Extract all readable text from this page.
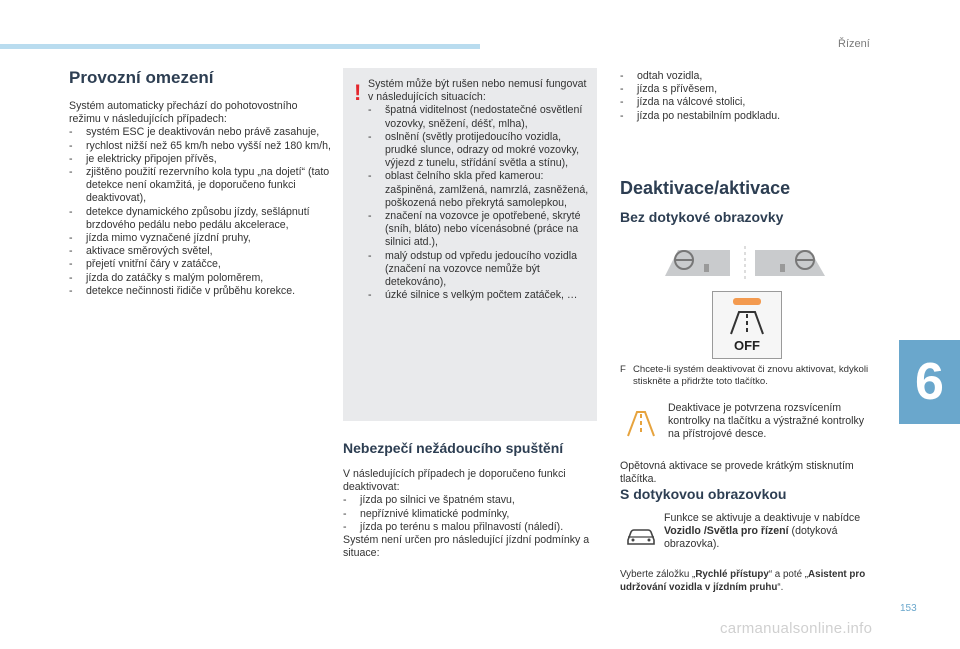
Řízení
6
153
carmanualsonline.info
Provozní omezení
Systém automaticky přechází do pohotovostního režimu v následujících případech:
- systém ESC je deaktivován nebo právě zasahuje,
- rychlost nižší než 65 km/h nebo vyšší než 180 km/h,
- je elektricky připojen přívěs,
- zjištěno použití rezervního kola typu „na dojetí“ (tato detekce není okamžitá, je doporučeno funkci deaktivovat),
- detekce dynamického způsobu jízdy, sešlápnutí brzdového pedálu nebo pedálu akcelerace,
- jízda mimo vyznačené jízdní pruhy,
- aktivace směrových světel,
- přejetí vnitřní čáry v zatáčce,
- jízda do zatáčky s malým poloměrem,
- detekce nečinnosti řidiče v průběhu korekce.
! Systém může být rušen nebo nemusí fungovat v následujících situacích:
- špatná viditelnost (nedostatečné osvětlení vozovky, sněžení, déšť, mlha),
- oslnění (světly protijedoucího vozidla, prudké slunce, odrazy od mokré vozovky, výjezd z tunelu, střídání světla a stínu),
- oblast čelního skla před kamerou: zašpiněná, zamlžená, namrzlá, zasněžená, poškozená nebo překrytá samolepkou,
- značení na vozovce je opotřebené, skryté (sníh, bláto) nebo vícenásobné (práce na silnici atd.),
- malý odstup od vpředu jedoucího vozidla (značení na vozovce nemůže být detekováno),
- úzké silnice s velkým počtem zatáček, …
Nebezpečí nežádoucího spuštění
V následujících případech je doporučeno funkci deaktivovat:
- jízda po silnici ve špatném stavu,
- nepříznivé klimatické podmínky,
- jízda po terénu s malou přilnavostí (náledí).
Systém není určen pro následující jízdní podmínky a situace:
- odtah vozidla,
- jízda s přívěsem,
- jízda na válcové stolici,
- jízda po nestabilním podkladu.
Deaktivace/aktivace
Bez dotykové obrazovky
OFF
F Chcete-li systém deaktivovat či znovu aktivovat, kdykoli stiskněte a přidržte toto tlačítko.
Deaktivace je potvrzena rozsvícením kontrolky na tlačítku a výstražné kontrolky na přístrojové desce.
Opětovná aktivace se provede krátkým stisknutím tlačítka.
S dotykovou obrazovkou
Funkce se aktivuje a deaktivuje v nabídce Vozidlo /Světla pro řízení (dotyková obrazovka).
Vyberte záložku „Rychlé přístupy“ a poté „Asistent pro udržování vozidla v jízdním pruhu“.
